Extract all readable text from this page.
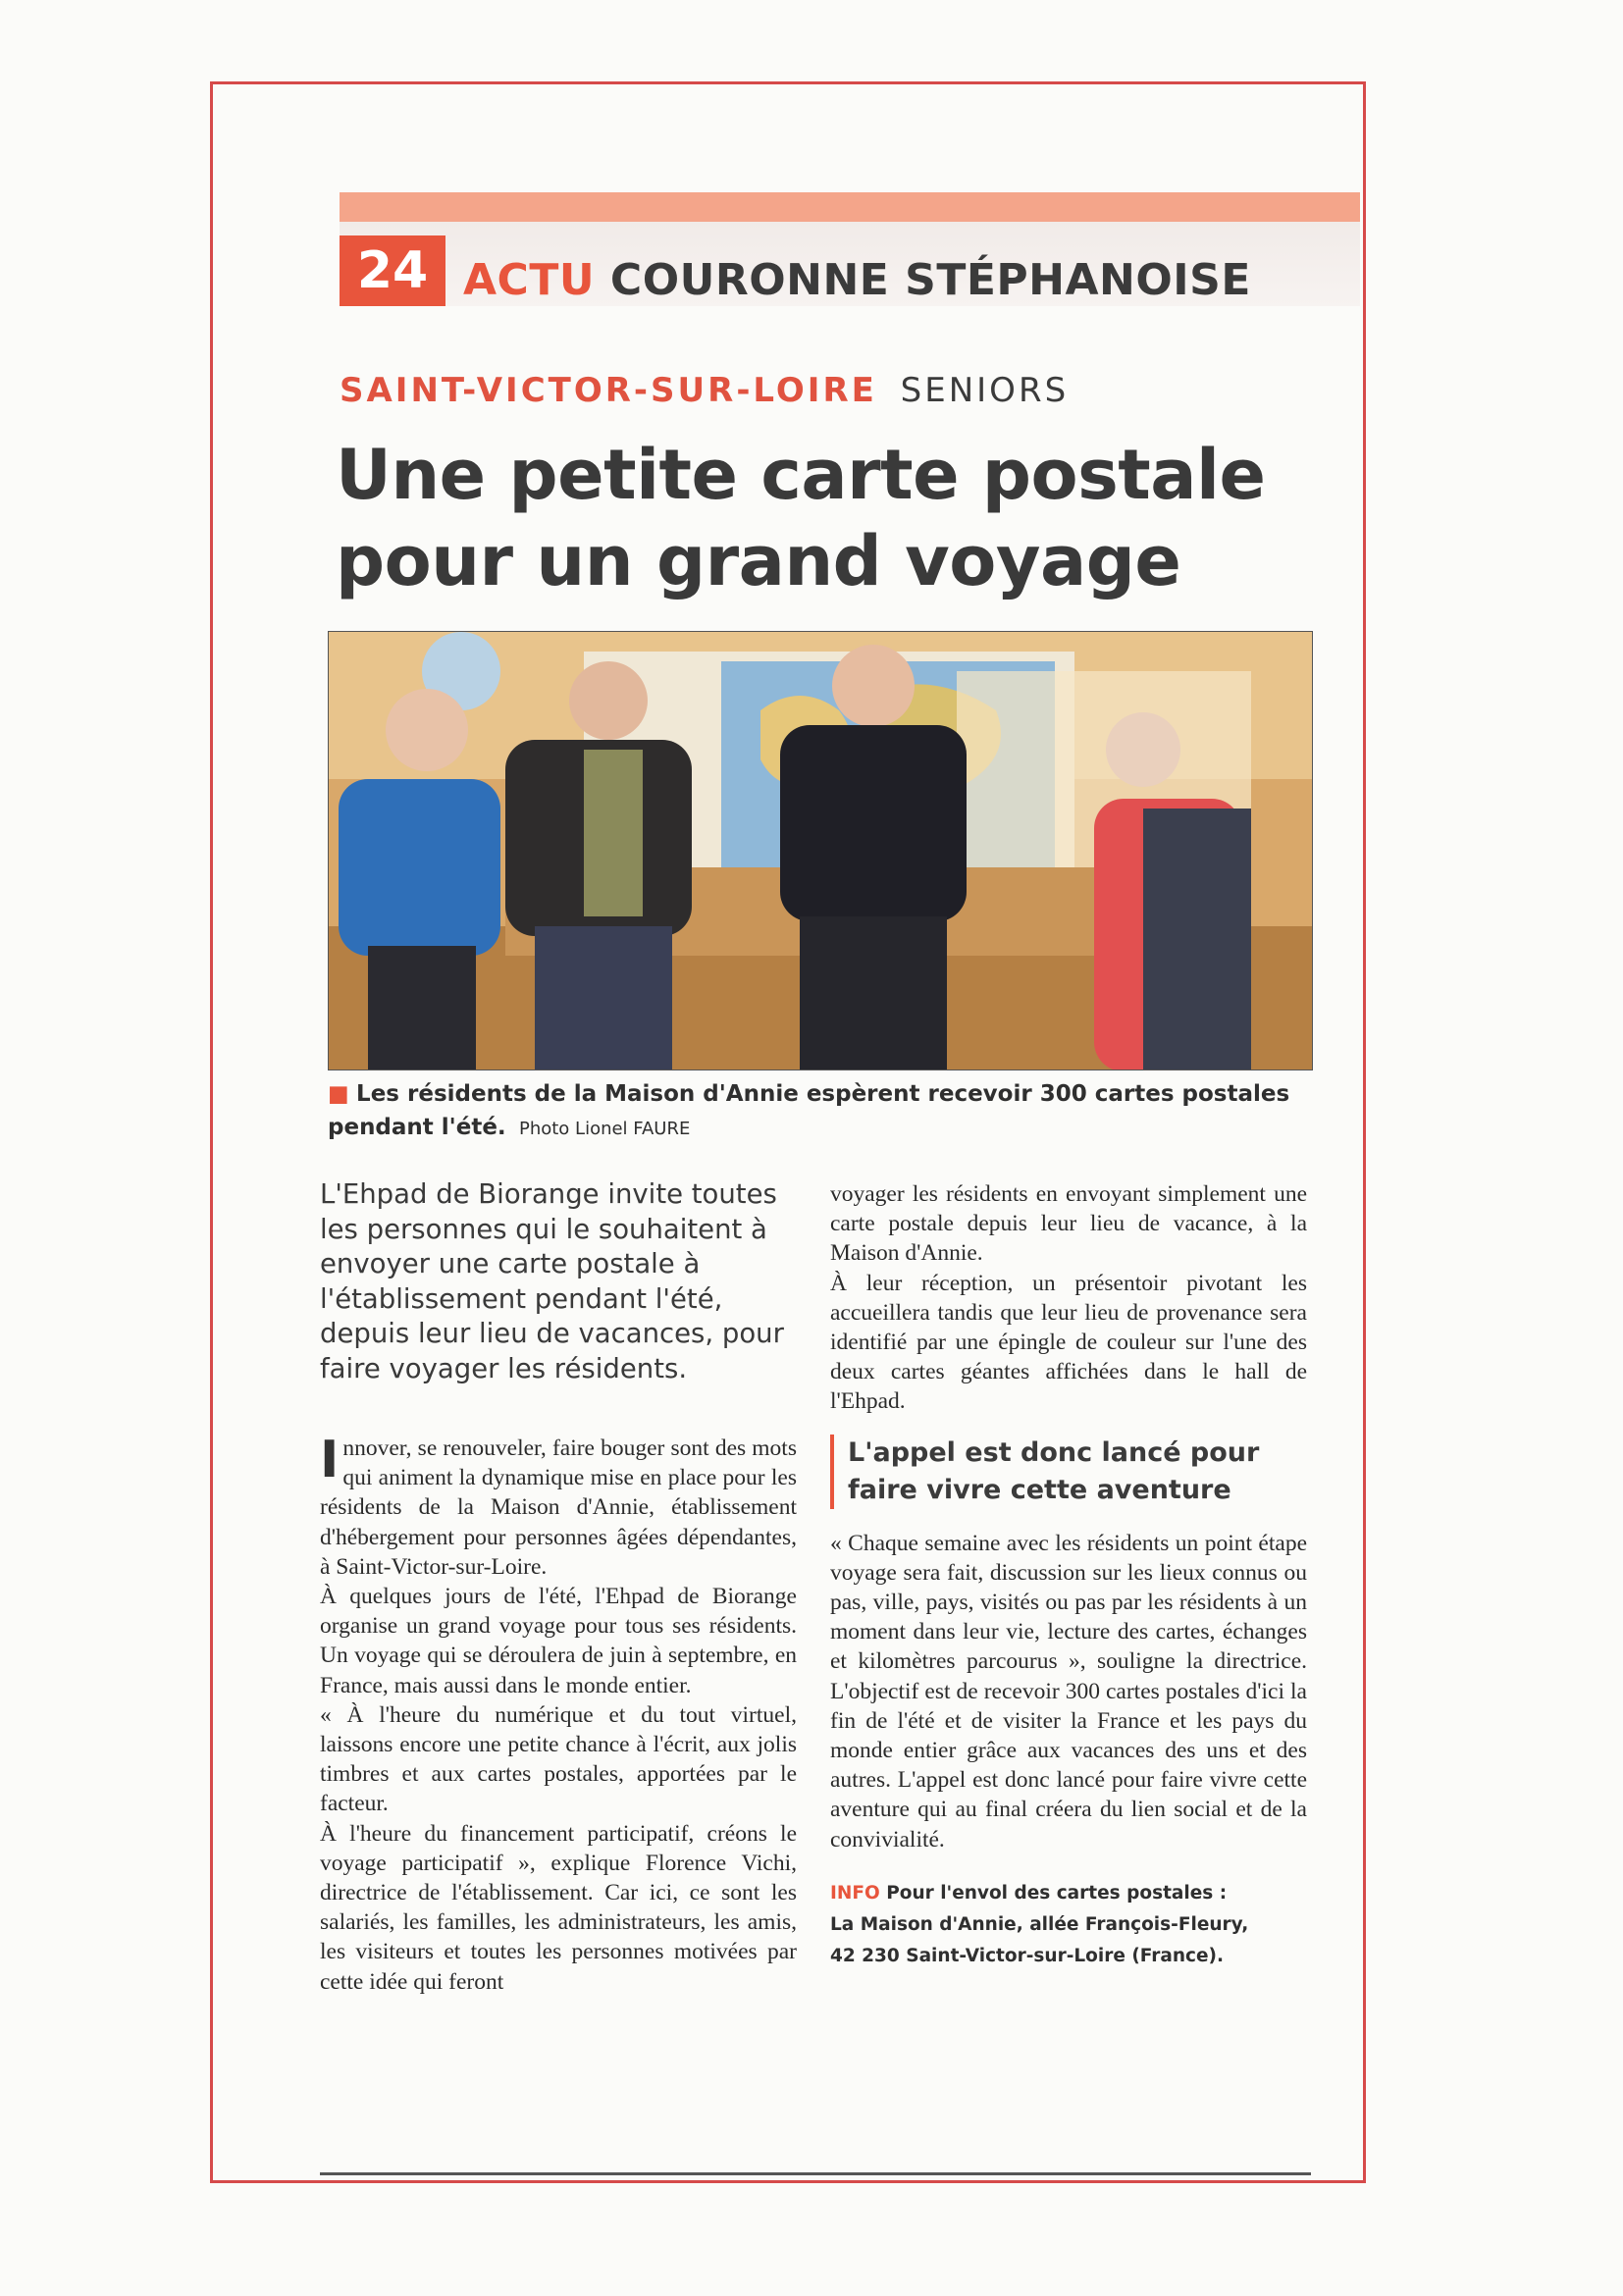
24 ACTU COURONNE STÉPHANOISE
SAINT-VICTOR-SUR-LOIRE SENIORS
Une petite carte postale
pour un grand voyage
■ Les résidents de la Maison d'Annie espèrent recevoir 300 cartes postales pendant l'été. Photo Lionel FAURE

L'Ehpad de Biorange invite toutes les personnes qui le souhaitent à envoyer une carte postale à l'établissement pendant l'été, depuis leur lieu de vacances, pour faire voyager les résidents.

Innover, se renouveler, faire bouger sont des mots qui animent la dynamique mise en place pour les résidents de la Maison d'Annie, établissement d'hébergement pour personnes âgées dépendantes, à Saint-Victor-sur-Loire.

À quelques jours de l'été, l'Ehpad de Biorange organise un grand voyage pour tous ses résidents. Un voyage qui se déroulera de juin à septembre, en France, mais aussi dans le monde entier.

« À l'heure du numérique et du tout virtuel, laissons encore une petite chance à l'écrit, aux jolis timbres et aux cartes postales, apportées par le facteur.

À l'heure du financement participatif, créons le voyage participatif », explique Florence Vichi, directrice de l'établissement. Car ici, ce sont les salariés, les familles, les administrateurs, les amis, les visiteurs et toutes les personnes motivées par cette idée qui feront

voyager les résidents en envoyant simplement une carte postale depuis leur lieu de vacance, à la Maison d'Annie.

À leur réception, un présentoir pivotant les accueillera tandis que leur lieu de provenance sera identifié par une épingle de couleur sur l'une des deux cartes géantes affichées dans le hall de l'Ehpad.

L'appel est donc lancé pour faire vivre cette aventure

« Chaque semaine avec les résidents un point étape voyage sera fait, discussion sur les lieux connus ou pas, ville, pays, visités ou pas par les résidents à un moment dans leur vie, lecture des cartes, échanges et kilomètres parcourus », souligne la directrice. L'objectif est de recevoir 300 cartes postales d'ici la fin de l'été et de visiter la France et les pays du monde entier grâce aux vacances des uns et des autres. L'appel est donc lancé pour faire vivre cette aventure qui au final créera du lien social et de la convivialité.

INFO Pour l'envol des cartes postales :
La Maison d'Annie, allée François-Fleury,
42 230 Saint-Victor-sur-Loire (France).
